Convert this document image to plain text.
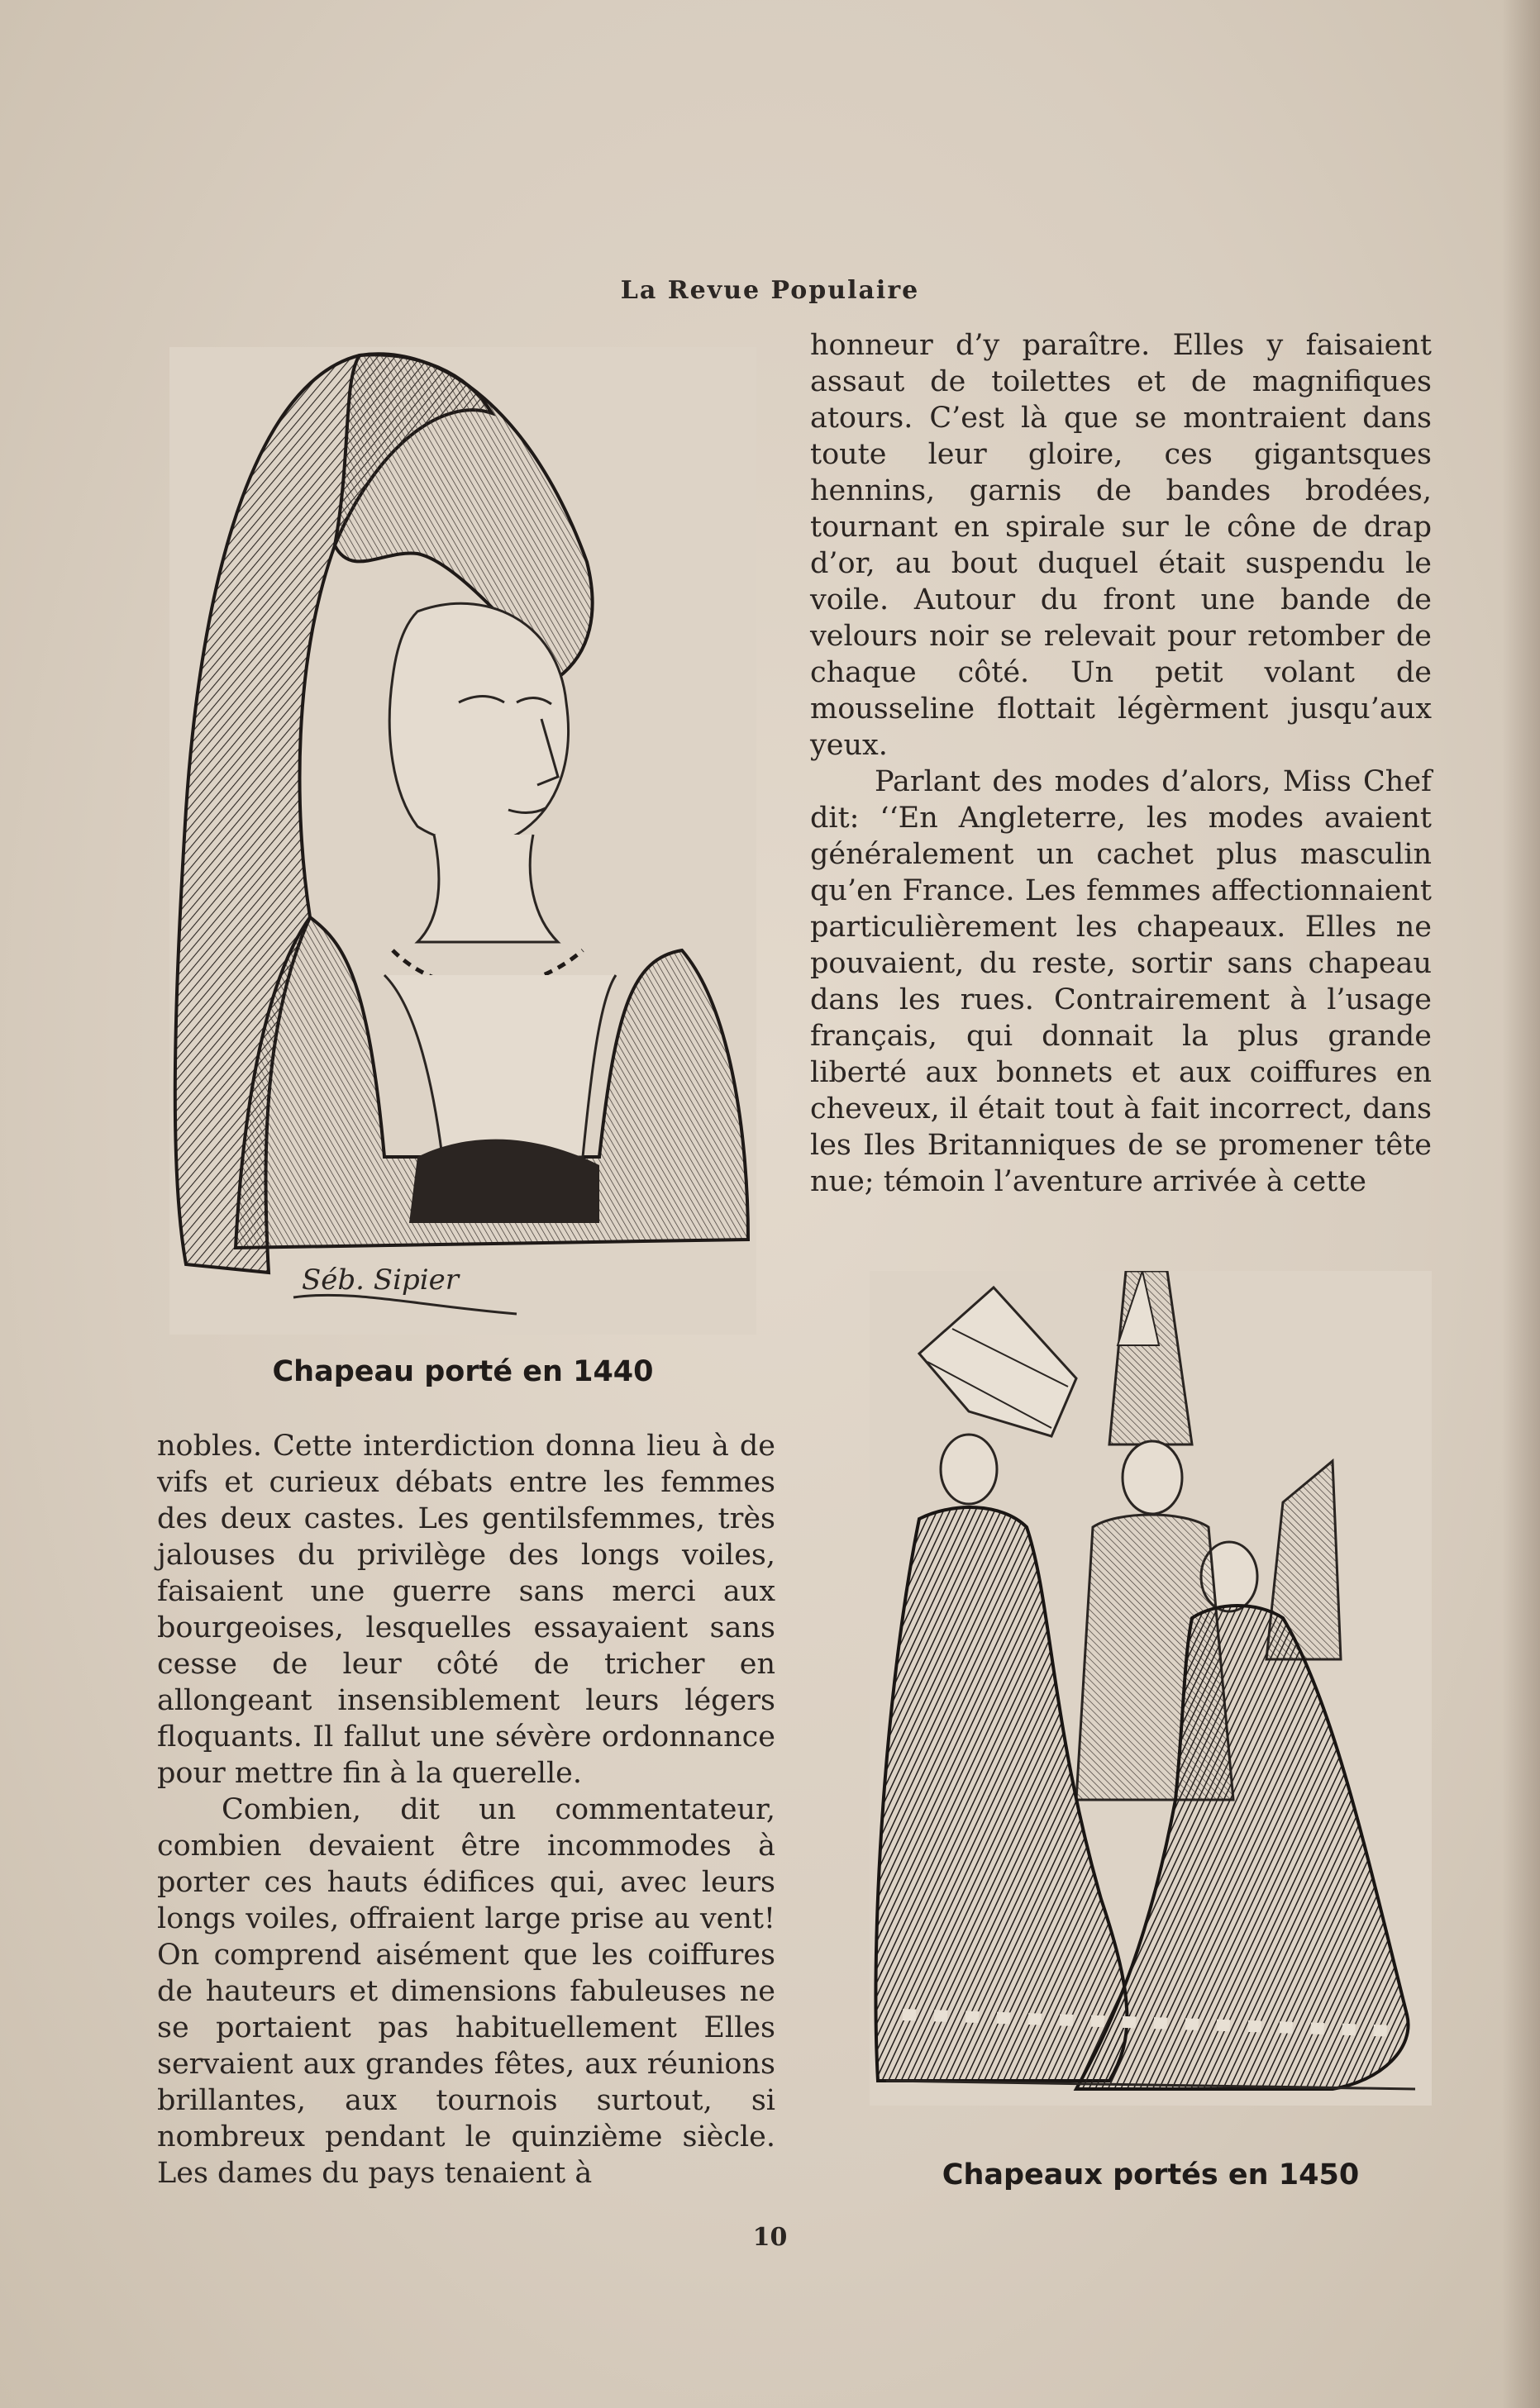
La Revue Populaire
Séb. Sipier

Chapeau porté en 1440

honneur d’y paraître. Elles y faisaient assaut de toilettes et de magnifiques atours. C’est là que se montraient dans toute leur gloire, ces gigantsques hennins, garnis de bandes brodées, tournant en spirale sur le cône de drap d’or, au bout duquel était suspendu le voile. Autour du front une bande de velours noir se relevait pour retomber de chaque côté. Un petit volant de mousseline flottait légèrment jusqu’aux yeux.

Parlant des modes d’alors, Miss Chef dit: ‘‘En Angleterre, les modes avaient généralement un cachet plus masculin qu’en France. Les femmes affectionnaient particulièrement les chapeaux. Elles ne pouvaient, du reste, sortir sans chapeau dans les rues. Contrairement à l’usage français, qui donnait la plus grande liberté aux bonnets et aux coiffures en cheveux, il était tout à fait incorrect, dans les Iles Britanniques de se promener tête nue; témoin l’aventure arrivée à cette

Chapeaux portés en 1450

nobles. Cette interdiction donna lieu à de vifs et curieux débats entre les femmes des deux castes. Les gentilsfemmes, très jalouses du privilège des longs voiles, faisaient une guerre sans merci aux bourgeoises, lesquelles essayaient sans cesse de leur côté de tricher en allongeant insensiblement leurs légers floquants. Il fallut une sévère ordonnance pour mettre fin à la querelle.

Combien, dit un commentateur, combien devaient être incommodes à porter ces hauts édifices qui, avec leurs longs voiles, offraient large prise au vent! On comprend aisément que les coiffures de hauteurs et dimensions fabuleuses ne se portaient pas habituellement Elles servaient aux grandes fêtes, aux réunions brillantes, aux tournois surtout, si nombreux pendant le quinzième siècle. Les dames du pays tenaient à

10
